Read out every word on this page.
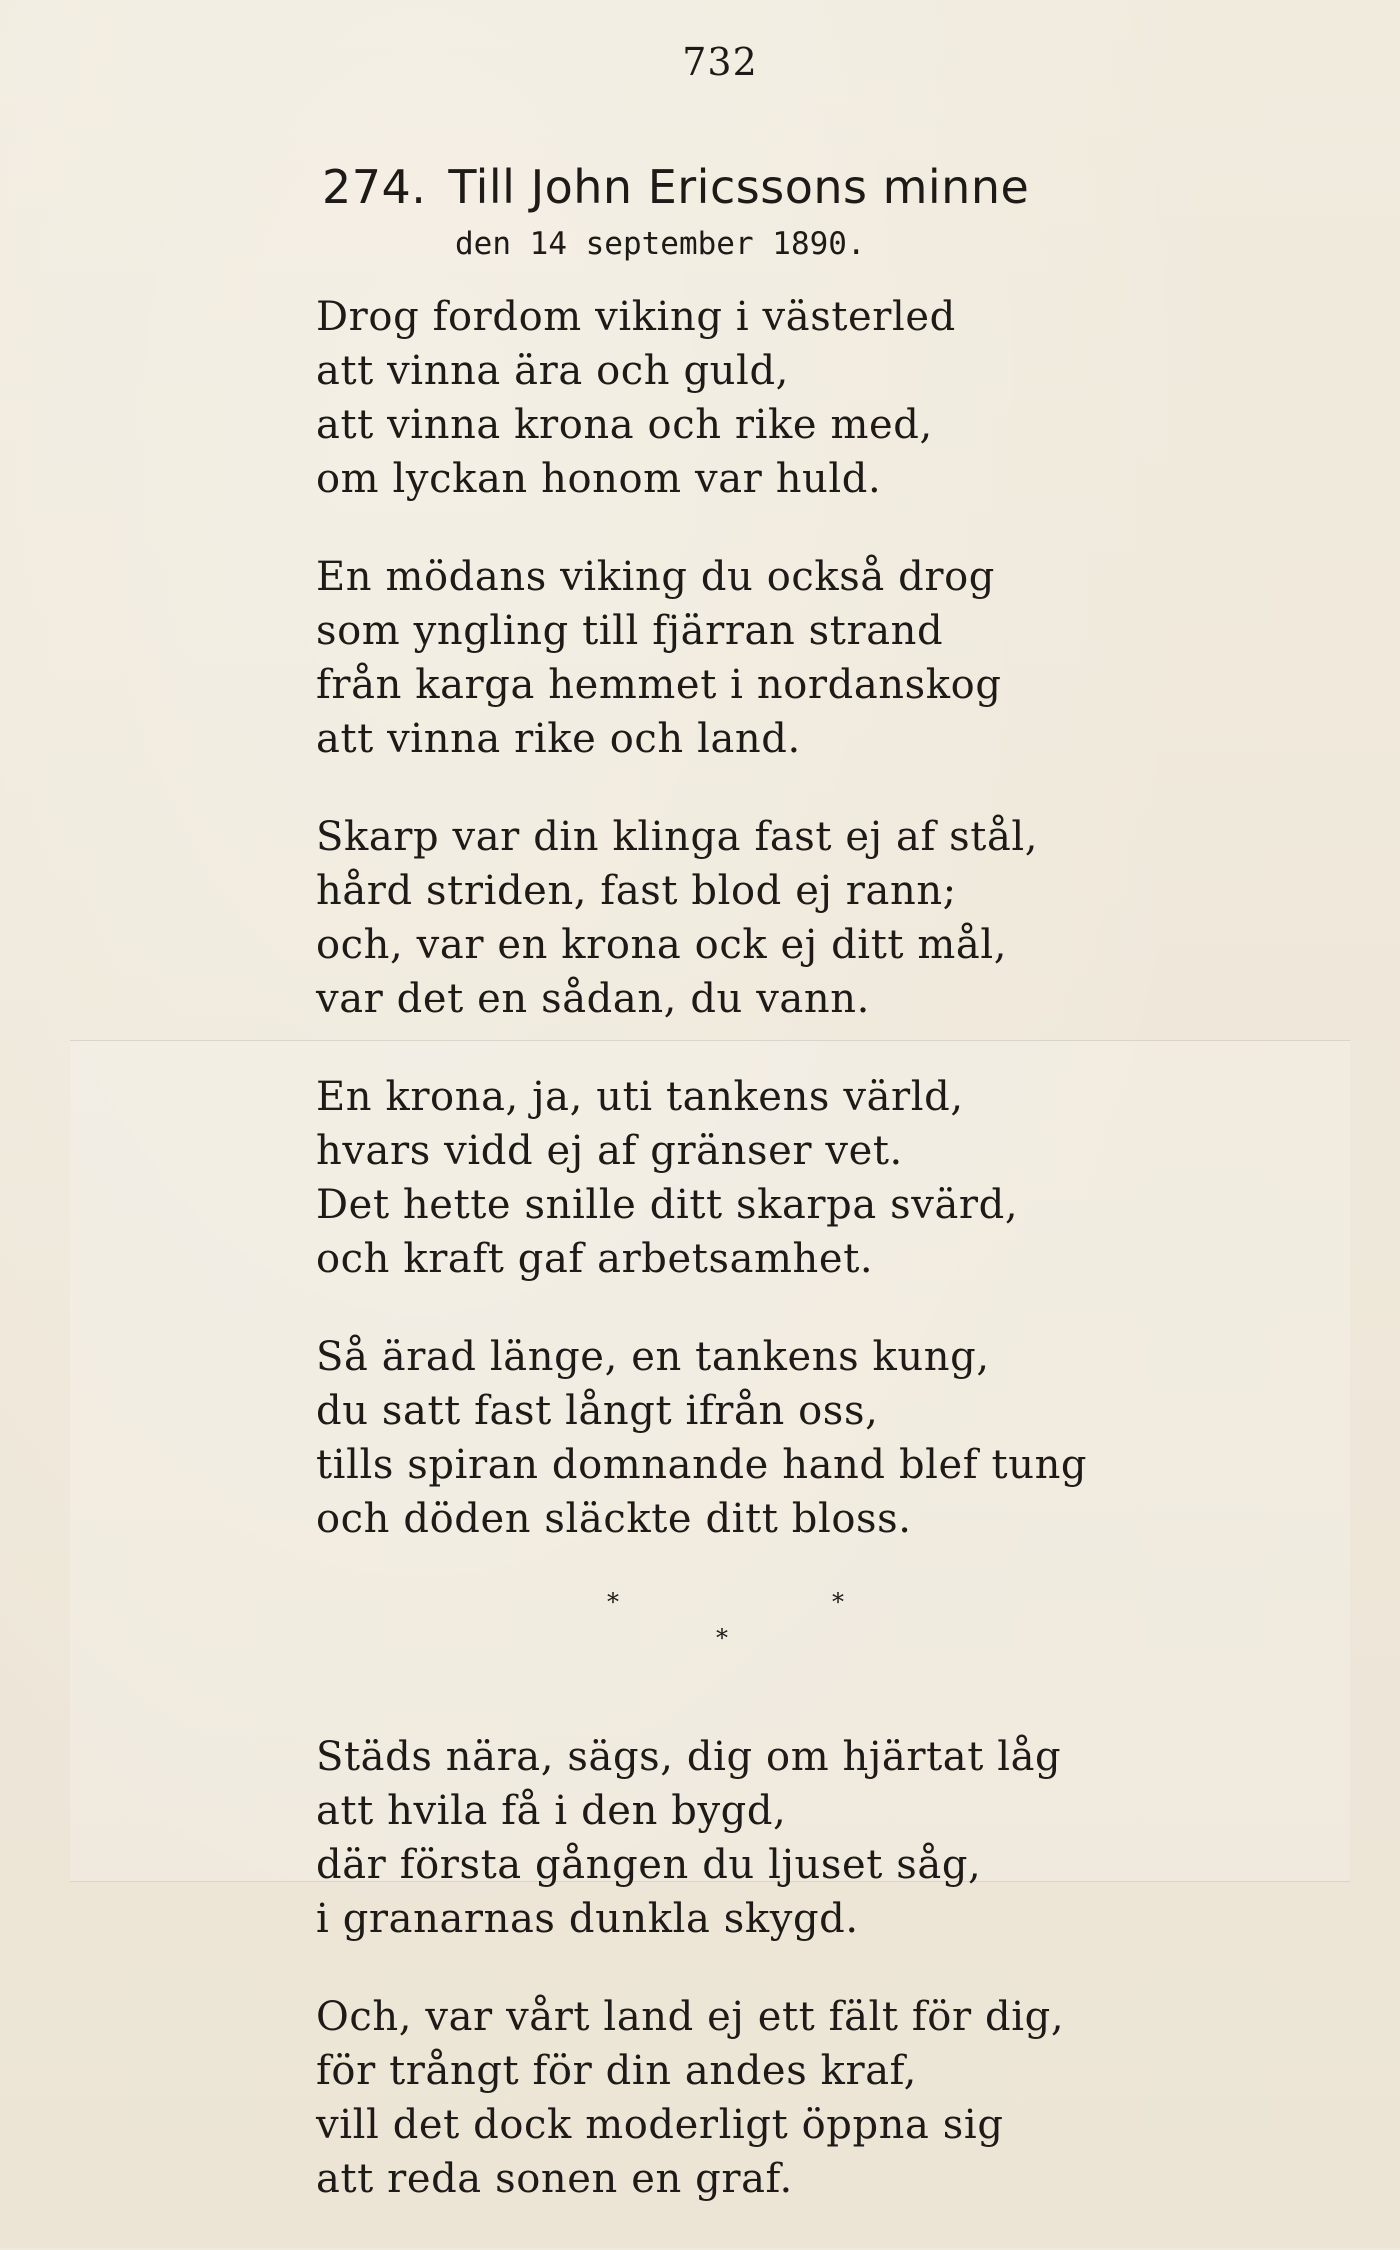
732
274. Till John Ericssons minne
den 14 september 1890.
Drog fordom viking i västerled
att vinna ära och guld,
att vinna krona och rike med,
om lyckan honom var huld.
En mödans viking du också drog
som yngling till fjärran strand
från karga hemmet i nordanskog
att vinna rike och land.
Skarp var din klinga fast ej af stål,
hård striden, fast blod ej rann;
och, var en krona ock ej ditt mål,
var det en sådan, du vann.
En krona, ja, uti tankens värld,
hvars vidd ej af gränser vet.
Det hette snille ditt skarpa svärd,
och kraft gaf arbetsamhet.
Så ärad länge, en tankens kung,
du satt fast långt ifrån oss,
tills spiran domnande hand blef tung
och döden släckte ditt bloss.
*	*
*
Städs nära, sägs, dig om hjärtat låg
att hvila få i den bygd,
där första gången du ljuset såg,
i granarnas dunkla skygd.
Och, var vårt land ej ett fält för dig,
för trångt för din andes kraf,
vill det dock moderligt öppna sig
att reda sonen en graf.
